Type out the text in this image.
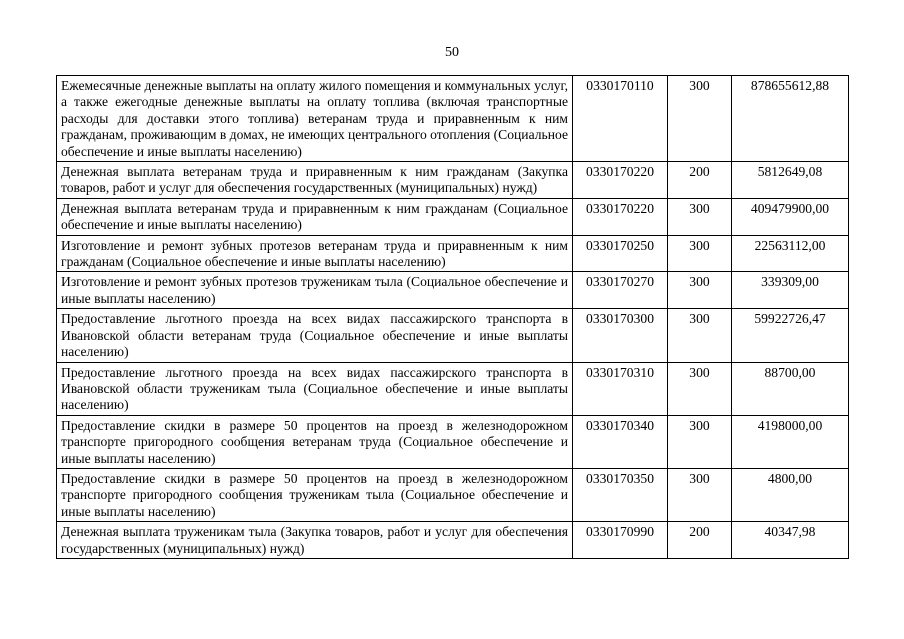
50
Ежемесячные денежные выплаты на оплату жилого помещения и коммунальных услуг, а также ежегодные денежные выплаты на оплату топлива (включая транспортные расходы для доставки этого топлива) ветеранам труда и приравненным к ним гражданам, проживающим в домах, не имеющих центрального отопления (Социальное обеспечение и иные выплаты населению)	0330170110	300	878655612,88
Денежная выплата ветеранам труда и приравненным к ним гражданам (Закупка товаров, работ и услуг для обеспечения государственных (муниципальных) нужд)	0330170220	200	5812649,08
Денежная выплата ветеранам труда и приравненным к ним гражданам (Социальное обеспечение и иные выплаты населению)	0330170220	300	409479900,00
Изготовление и ремонт зубных протезов ветеранам труда и приравненным к ним гражданам (Социальное обеспечение и иные выплаты населению)	0330170250	300	22563112,00
Изготовление и ремонт зубных протезов труженикам тыла (Социальное обеспечение и иные выплаты населению)	0330170270	300	339309,00
Предоставление льготного проезда на всех видах пассажирского транспорта в Ивановской области ветеранам труда (Социальное обеспечение и иные выплаты населению)	0330170300	300	59922726,47
Предоставление льготного проезда на всех видах пассажирского транспорта в Ивановской области труженикам тыла (Социальное обеспечение и иные выплаты населению)	0330170310	300	88700,00
Предоставление скидки в размере 50 процентов на проезд в железнодорожном транспорте пригородного сообщения ветеранам труда (Социальное обеспечение и иные выплаты населению)	0330170340	300	4198000,00
Предоставление скидки в размере 50 процентов на проезд в железнодорожном транспорте пригородного сообщения труженикам тыла (Социальное обеспечение и иные выплаты населению)	0330170350	300	4800,00
Денежная выплата труженикам тыла (Закупка товаров, работ и услуг для обеспечения государственных (муниципальных) нужд)	0330170990	200	40347,98
